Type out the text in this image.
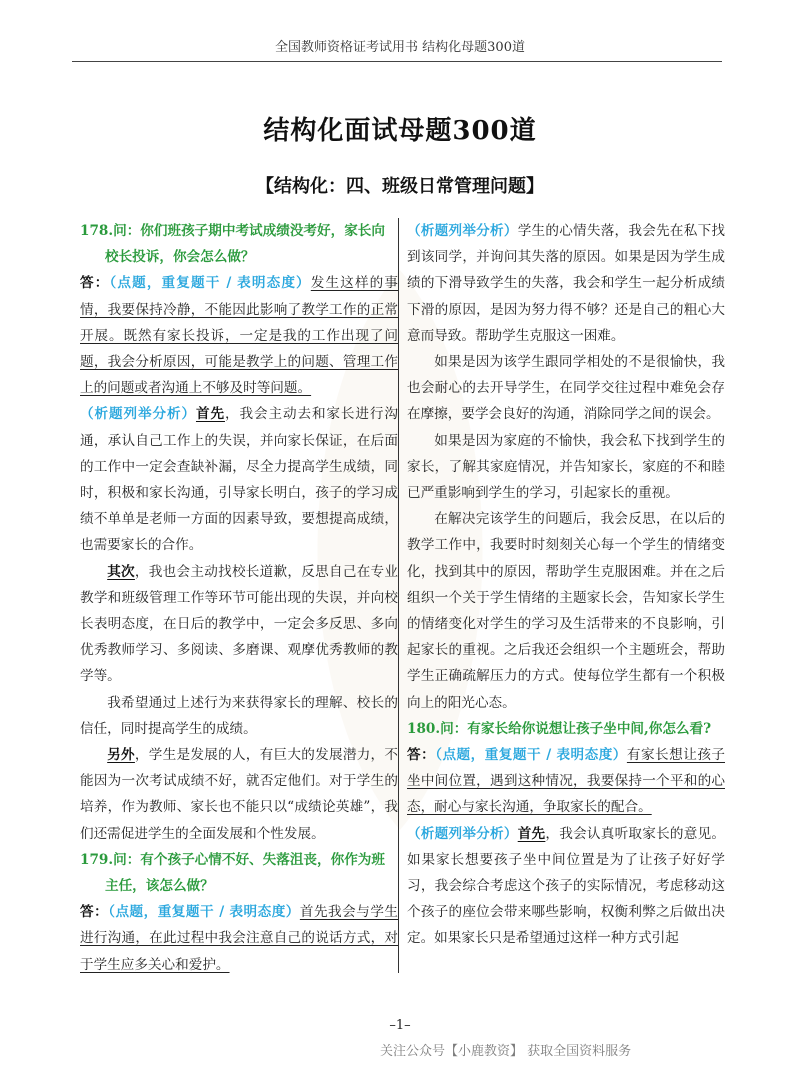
全国教师资格证考试用书 结构化母题300道
结构化面试母题300道
【结构化：四、班级日常管理问题】

178.问：你们班孩子期中考试成绩没考好，家长向
校长投诉，你会怎么做？

答：（点题，重复题干 / 表明态度）发生这样的事情，我要保持冷静，不能因此影响了教学工作的正常开展。既然有家长投诉，一定是我的工作出现了问题，我会分析原因，可能是教学上的问题、管理工作上的问题或者沟通上不够及时等问题。

（析题列举分析）首先，我会主动去和家长进行沟通，承认自己工作上的失误，并向家长保证，在后面的工作中一定会查缺补漏，尽全力提高学生成绩，同时，积极和家长沟通，引导家长明白，孩子的学习成绩不单单是老师一方面的因素导致，要想提高成绩，也需要家长的合作。

其次，我也会主动找校长道歉，反思自己在专业教学和班级管理工作等环节可能出现的失误，并向校长表明态度，在日后的教学中，一定会多反思、多向优秀教师学习、多阅读、多磨课、观摩优秀教师的教学等。

我希望通过上述行为来获得家长的理解、校长的信任，同时提高学生的成绩。

另外，学生是发展的人，有巨大的发展潜力，不能因为一次考试成绩不好，就否定他们。对于学生的培养，作为教师、家长也不能只以“成绩论英雄”，我们还需促进学生的全面发展和个性发展。

179.问：有个孩子心情不好、失落沮丧，你作为班
主任，该怎么做？

答：（点题，重复题干 / 表明态度）首先我会与学生进行沟通，在此过程中我会注意自己的说话方式，对于学生应多关心和爱护。

（析题列举分析）学生的心情失落，我会先在私下找到该同学，并询问其失落的原因。如果是因为学生成绩的下滑导致学生的失落，我会和学生一起分析成绩下滑的原因，是因为努力得不够？还是自己的粗心大意而导致。帮助学生克服这一困难。

如果是因为该学生跟同学相处的不是很愉快，我也会耐心的去开导学生，在同学交往过程中难免会存在摩擦，要学会良好的沟通，消除同学之间的误会。

如果是因为家庭的不愉快，我会私下找到学生的家长，了解其家庭情况，并告知家长，家庭的不和睦已严重影响到学生的学习，引起家长的重视。

在解决完该学生的问题后，我会反思，在以后的教学工作中，我要时时刻刻关心每一个学生的情绪变化，找到其中的原因，帮助学生克服困难。并在之后组织一个关于学生情绪的主题家长会，告知家长学生的情绪变化对学生的学习及生活带来的不良影响，引起家长的重视。之后我还会组织一个主题班会，帮助学生正确疏解压力的方式。使每位学生都有一个积极向上的阳光心态。

180.问：有家长给你说想让孩子坐中间,你怎么看?

答：（点题，重复题干 / 表明态度）有家长想让孩子坐中间位置，遇到这种情况，我要保持一个平和的心态，耐心与家长沟通，争取家长的配合。

（析题列举分析）首先，我会认真听取家长的意见。如果家长想要孩子坐中间位置是为了让孩子好好学习，我会综合考虑这个孩子的实际情况，考虑移动这个孩子的座位会带来哪些影响，权衡利弊之后做出决定。如果家长只是希望通过这样一种方式引起

–1–
关注公众号【小鹿教资】 获取全国资料服务
